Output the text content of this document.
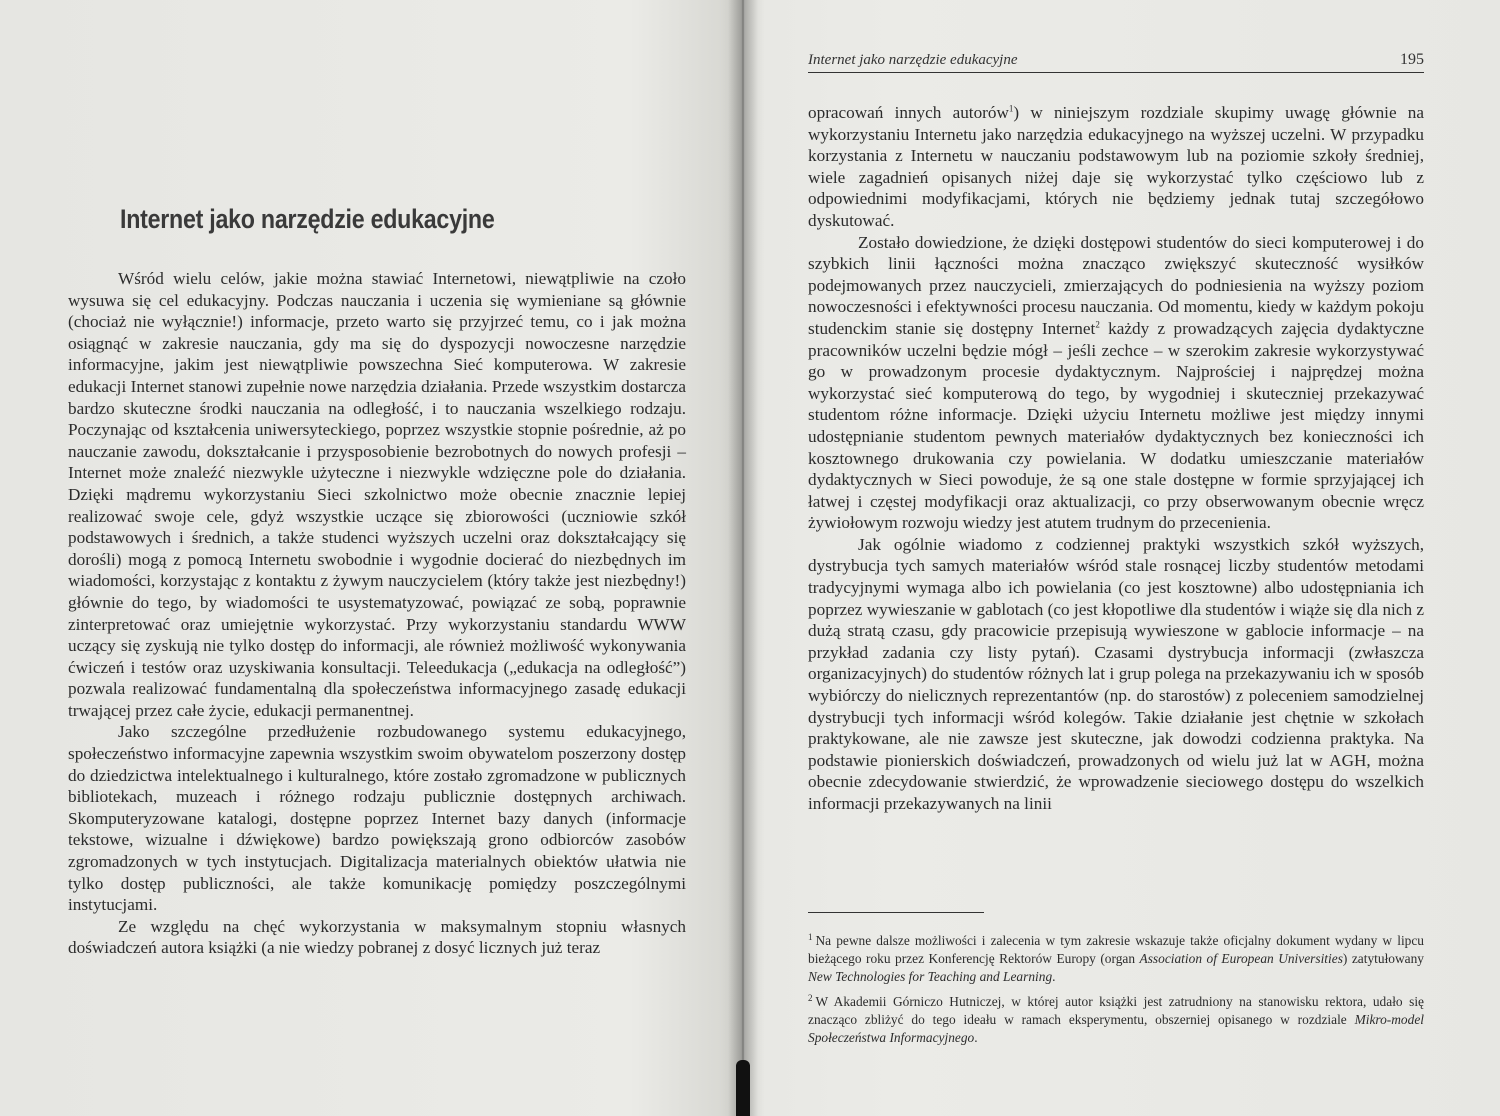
Internet jako narzędzie edukacyjne

Wśród wielu celów, jakie można stawiać Internetowi, niewątpliwie na czoło wysuwa się cel edukacyjny. Podczas nauczania i uczenia się wymieniane są głównie (chociaż nie wyłącznie!) informacje, przeto warto się przyjrzeć temu, co i jak można osiągnąć w zakresie nauczania, gdy ma się do dyspozycji nowoczesne narzędzie informacyjne, jakim jest niewątpliwie powszechna Sieć komputerowa. W zakresie edukacji Internet stanowi zupełnie nowe narzędzia działania. Przede wszystkim dostarcza bardzo skuteczne środki nauczania na odległość, i to nauczania wszelkiego rodzaju. Poczynając od kształcenia uniwersyteckiego, poprzez wszystkie stopnie pośrednie, aż po nauczanie zawodu, dokształcanie i przysposobienie bezrobotnych do nowych profesji – Internet może znaleźć niezwykle użyteczne i niezwykle wdzięczne pole do działania. Dzięki mądremu wykorzystaniu Sieci szkolnictwo może obecnie znacznie lepiej realizować swoje cele, gdyż wszystkie uczące się zbiorowości (uczniowie szkół podstawowych i średnich, a także studenci wyższych uczelni oraz dokształcający się dorośli) mogą z pomocą Internetu swobodnie i wygodnie docierać do niezbędnych im wiadomości, korzystając z kontaktu z żywym nauczycielem (który także jest niezbędny!) głównie do tego, by wiadomości te usystematyzować, powiązać ze sobą, poprawnie zinterpretować oraz umiejętnie wykorzystać. Przy wykorzystaniu standardu WWW uczący się zyskują nie tylko dostęp do informacji, ale również możliwość wykonywania ćwiczeń i testów oraz uzyskiwania konsultacji. Teleedukacja („edukacja na odległość”) pozwala realizować fundamentalną dla społeczeństwa informacyjnego zasadę edukacji trwającej przez całe życie, edukacji permanentnej.

Jako szczególne przedłużenie rozbudowanego systemu edukacyjnego, społeczeństwo informacyjne zapewnia wszystkim swoim obywatelom poszerzony dostęp do dziedzictwa intelektualnego i kulturalnego, które zostało zgromadzone w publicznych bibliotekach, muzeach i różnego rodzaju publicznie dostępnych archiwach. Skomputeryzowane katalogi, dostępne poprzez Internet bazy danych (informacje tekstowe, wizualne i dźwiękowe) bardzo powiększają grono odbiorców zasobów zgromadzonych w tych instytucjach. Digitalizacja materialnych obiektów ułatwia nie tylko dostęp publiczności, ale także komunikację pomiędzy poszczególnymi instytucjami.

Ze względu na chęć wykorzystania w maksymalnym stopniu własnych doświadczeń autora książki (a nie wiedzy pobranej z dosyć licznych już teraz

Internet jako narzędzie edukacyjne	195

opracowań innych autorów$^1$) w niniejszym rozdziale skupimy uwagę głównie na wykorzystaniu Internetu jako narzędzia edukacyjnego na wyższej uczelni. W przypadku korzystania z Internetu w nauczaniu podstawowym lub na poziomie szkoły średniej, wiele zagadnień opisanych niżej daje się wykorzystać tylko częściowo lub z odpowiednimi modyfikacjami, których nie będziemy jednak tutaj szczegółowo dyskutować.

Zostało dowiedzione, że dzięki dostępowi studentów do sieci komputerowej i do szybkich linii łączności można znacząco zwiększyć skuteczność wysiłków podejmowanych przez nauczycieli, zmierzających do podniesienia na wyższy poziom nowoczesności i efektywności procesu nauczania. Od momentu, kiedy w każdym pokoju studenckim stanie się dostępny Internet$^2$ każdy z prowadzących zajęcia dydaktyczne pracowników uczelni będzie mógł – jeśli zechce – w szerokim zakresie wykorzystywać go w prowadzonym procesie dydaktycznym. Najprościej i najprędzej można wykorzystać sieć komputerową do tego, by wygodniej i skuteczniej przekazywać studentom różne informacje. Dzięki użyciu Internetu możliwe jest między innymi udostępnianie studentom pewnych materiałów dydaktycznych bez konieczności ich kosztownego drukowania czy powielania. W dodatku umieszczanie materiałów dydaktycznych w Sieci powoduje, że są one stale dostępne w formie sprzyjającej ich łatwej i częstej modyfikacji oraz aktualizacji, co przy obserwowanym obecnie wręcz żywiołowym rozwoju wiedzy jest atutem trudnym do przecenienia.

Jak ogólnie wiadomo z codziennej praktyki wszystkich szkół wyższych, dystrybucja tych samych materiałów wśród stale rosnącej liczby studentów metodami tradycyjnymi wymaga albo ich powielania (co jest kosztowne) albo udostępniania ich poprzez wywieszanie w gablotach (co jest kłopotliwe dla studentów i wiąże się dla nich z dużą stratą czasu, gdy pracowicie przepisują wywieszone w gablocie informacje – na przykład zadania czy listy pytań). Czasami dystrybucja informacji (zwłaszcza organizacyjnych) do studentów różnych lat i grup polega na przekazywaniu ich w sposób wybiórczy do nielicznych reprezentantów (np. do starostów) z poleceniem samodzielnej dystrybucji tych informacji wśród kolegów. Takie działanie jest chętnie w szkołach praktykowane, ale nie zawsze jest skuteczne, jak dowodzi codzienna praktyka. Na podstawie pionierskich doświadczeń, prowadzonych od wielu już lat w AGH, można obecnie zdecydowanie stwierdzić, że wprowadzenie sieciowego dostępu do wszelkich informacji przekazywanych na linii

$^1$ Na pewne dalsze możliwości i zalecenia w tym zakresie wskazuje także oficjalny dokument wydany w lipcu bieżącego roku przez Konferencję Rektorów Europy (organ Association of European Universities) zatytułowany New Technologies for Teaching and Learning.

$^2$ W Akademii Górniczo Hutniczej, w której autor książki jest zatrudniony na stanowisku rektora, udało się znacząco zbliżyć do tego ideału w ramach eksperymentu, obszerniej opisanego w rozdziale Mikro-model Społeczeństwa Informacyjnego.
